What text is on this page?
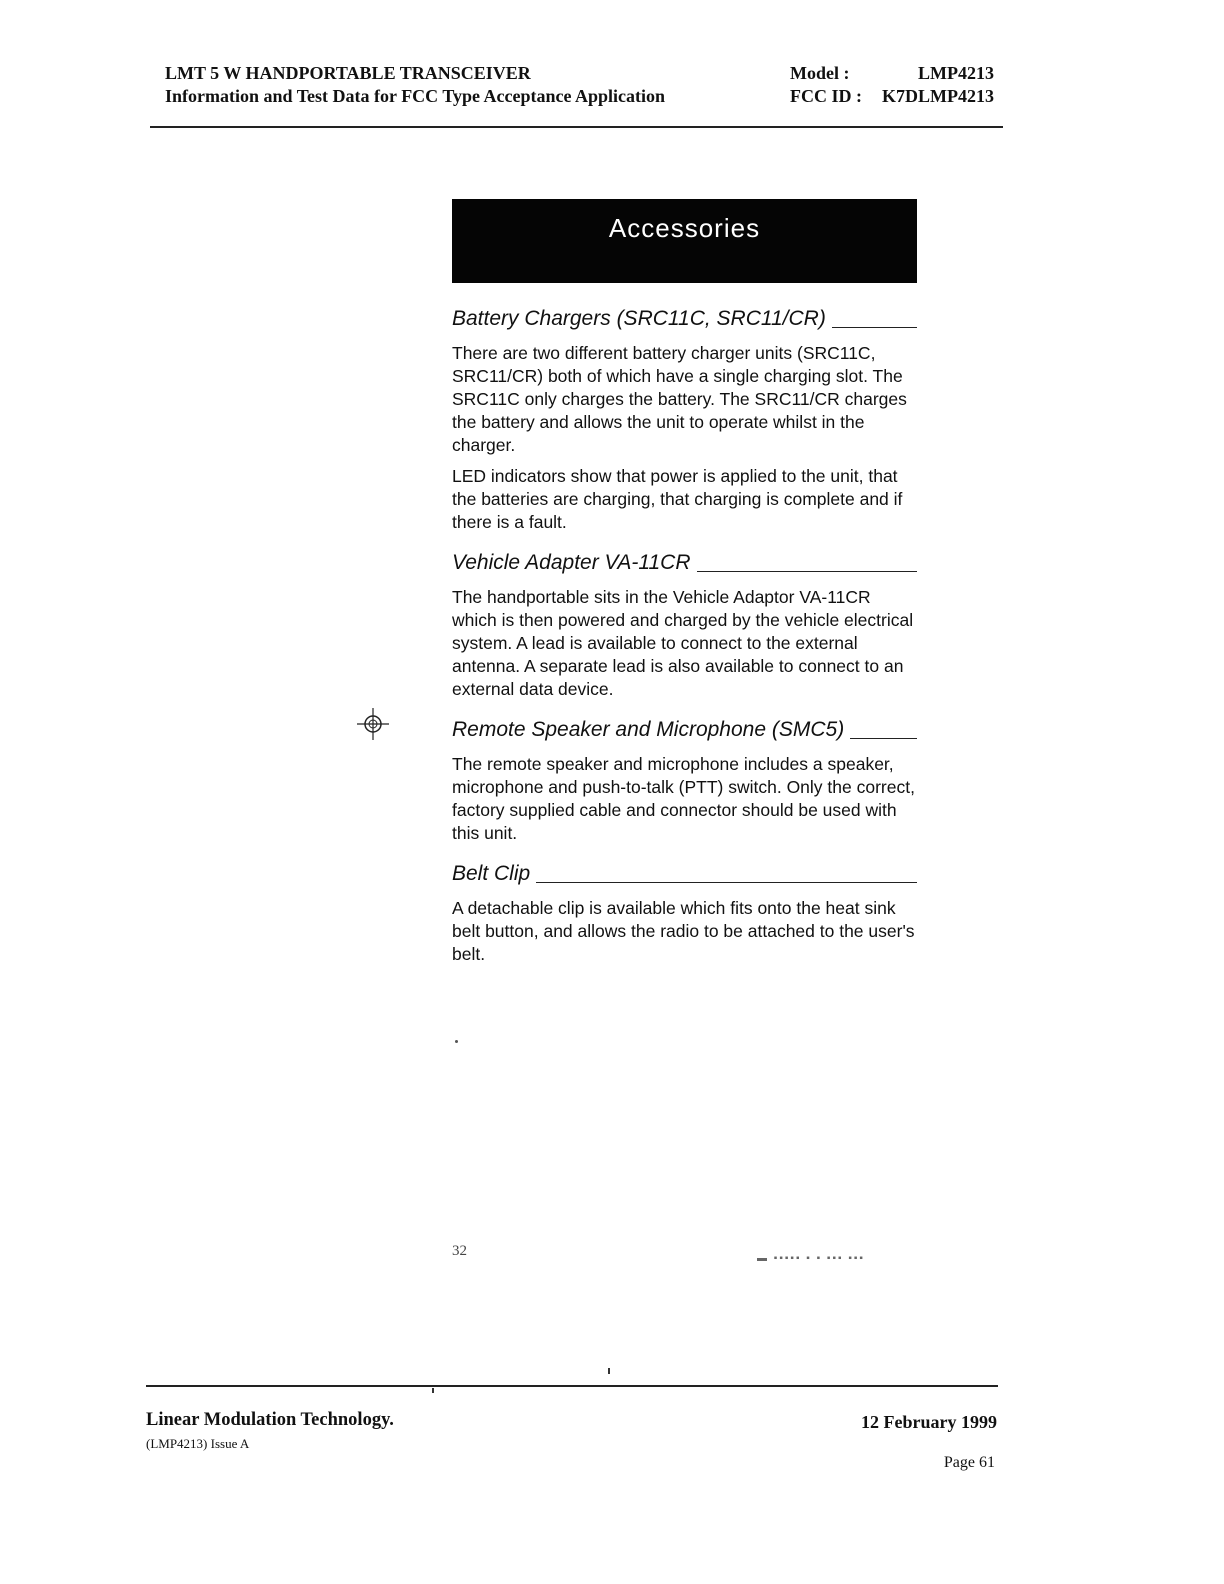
LMT 5 W HANDPORTABLE TRANSCEIVER
Information and Test Data for FCC Type Acceptance Application
Model :	LMP4213
FCC ID :	K7DLMP4213
Accessories
Battery Chargers (SRC11C, SRC11/CR)

There are two different battery charger units (SRC11C, SRC11/CR) both of which have a single charging slot. The SRC11C only charges the battery. The SRC11/CR charges the battery and allows the unit to operate whilst in the charger.

LED indicators show that power is applied to the unit, that the batteries are charging, that charging is complete and if there is a fault.

Vehicle Adapter VA-11CR

The handportable sits in the Vehicle Adaptor VA-11CR which is then powered and charged by the vehicle electrical system. A lead is available to connect to the external antenna. A separate lead is also available to connect to an external data device.

Remote Speaker and Microphone (SMC5)

The remote speaker and microphone includes a speaker, microphone and push-to-talk (PTT) switch. Only the correct, factory supplied cable and connector should be used with this unit.

Belt Clip

A detachable clip is available which fits onto the heat sink belt button, and allows the radio to be attached to the user's belt.

32	▬ ▪▪▪▪▪ ▪ ▪ ▪▪▪ ▪▪▪
Linear Modulation Technology.
(LMP4213) Issue A
12 February 1999
Page 61
